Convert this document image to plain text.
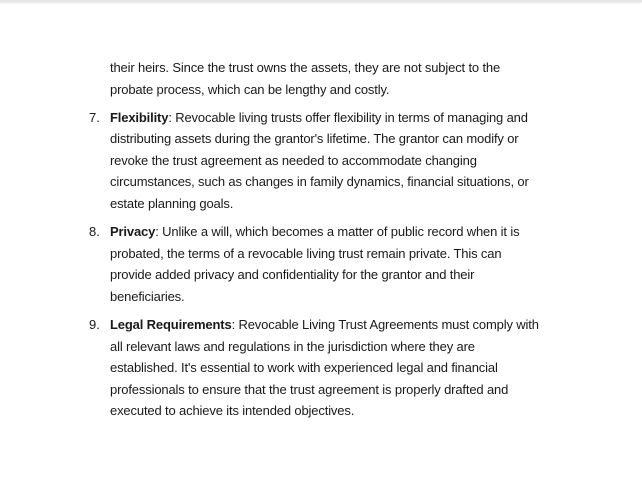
their heirs. Since the trust owns the assets, they are not subject to the
probate process, which can be lengthy and costly.
7. Flexibility: Revocable living trusts offer flexibility in terms of managing and
distributing assets during the grantor's lifetime. The grantor can modify or
revoke the trust agreement as needed to accommodate changing
circumstances, such as changes in family dynamics, financial situations, or
estate planning goals.
8. Privacy: Unlike a will, which becomes a matter of public record when it is
probated, the terms of a revocable living trust remain private. This can
provide added privacy and confidentiality for the grantor and their
beneficiaries.
9. Legal Requirements: Revocable Living Trust Agreements must comply with
all relevant laws and regulations in the jurisdiction where they are
established. It's essential to work with experienced legal and financial
professionals to ensure that the trust agreement is properly drafted and
executed to achieve its intended objectives.
